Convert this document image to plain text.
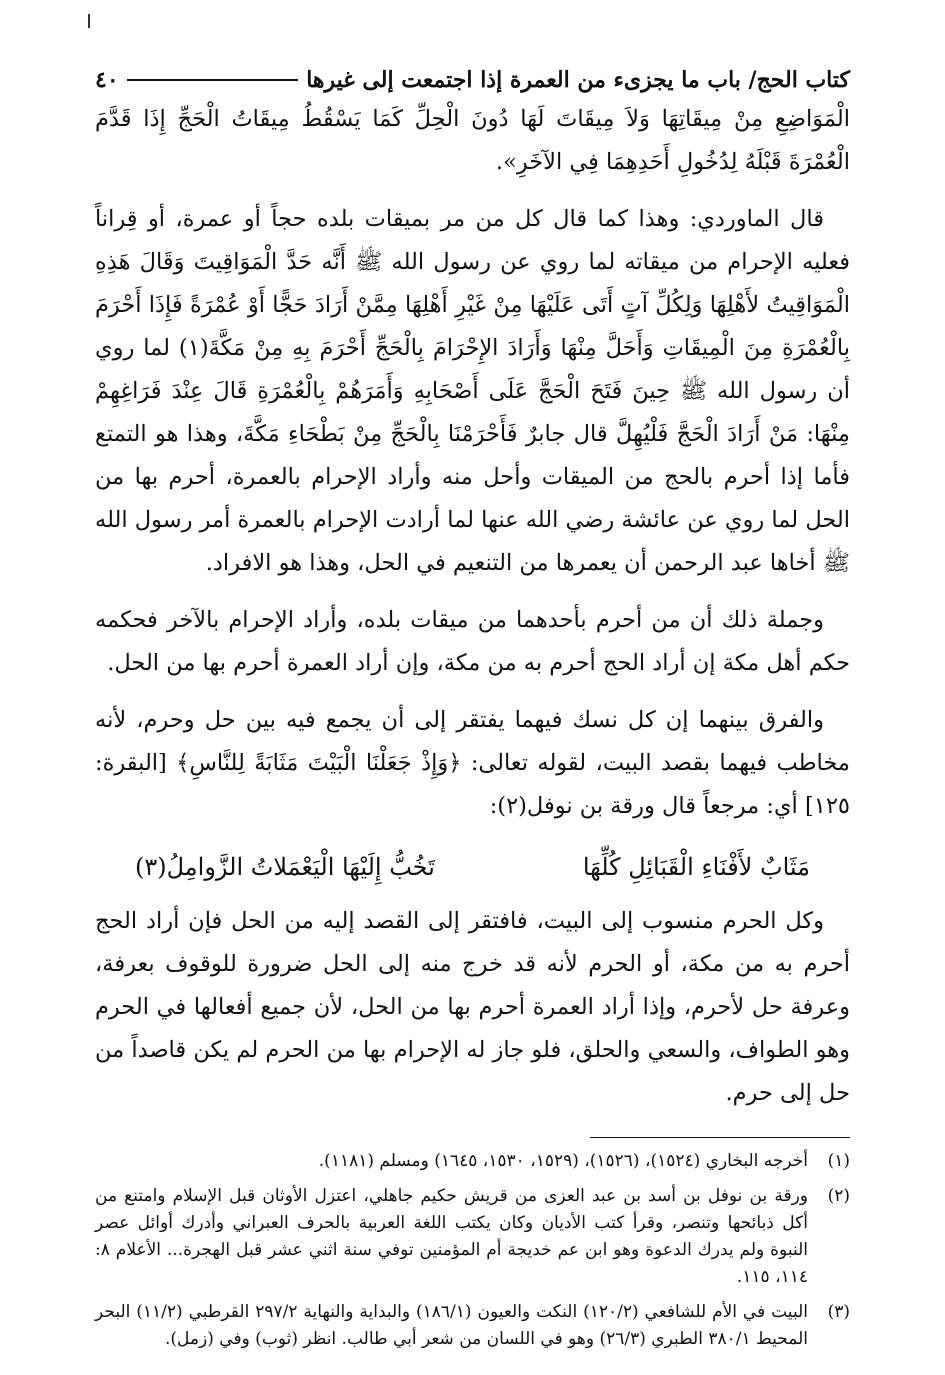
كتاب الحج/ باب ما يجزىء من العمرة إذا اجتمعت إلى غيرها
٤٠

الْمَوَاضِعِ مِنْ مِيقَاتِهَا وَلاَ مِيقَاتَ لَهَا دُونَ الْحِلِّ كَمَا يَسْقُطُ مِيقَاتُ الْحَجِّ إِذَا قَدَّمَ الْعُمْرَةَ قَبْلَهُ لِدُخُولِ أَحَدِهِمَا فِي الآخَرِ».

قال الماوردي: وهذا كما قال كل من مر بميقات بلده حجاً أو عمرة، أو قِراناً فعليه الإحرام من ميقاته لما روي عن رسول الله ﷺ أَنَّه حَدَّ الْمَوَاقِيتَ وَقَالَ هَذِهِ الْمَوَاقِيتُ لأَهْلِهَا وَلِكُلِّ آتٍ أَتَى عَلَيْهَا مِنْ غَيْرِ أَهْلِهَا مِمَّنْ أَرَادَ حَجًّا أَوْ عُمْرَةً فَإِذَا أَحْرَمَ بِالْعُمْرَةِ مِنَ الْمِيقَاتِ وَأَحَلَّ مِنْهَا وَأَرَادَ الإِحْرَامَ بِالْحَجِّ أَحْرَمَ بِهِ مِنْ مَكَّةَ(١) لما روي أن رسول الله ﷺ حِينَ فَتَحَ الْحَجَّ عَلَى أَصْحَابِهِ وَأَمَرَهُمْ بِالْعُمْرَةِ قَالَ عِنْدَ فَرَاغِهِمْ مِنْهَا: مَنْ أَرَادَ الْحَجَّ فَلْيُهِلَّ قال جابرٌ فَأَحْرَمْنَا بِالْحَجِّ مِنْ بَطْحَاءِ مَكَّةَ، وهذا هو التمتع فأما إذا أحرم بالحج من الميقات وأحل منه وأراد الإحرام بالعمرة، أحرم بها من الحل لما روي عن عائشة رضي الله عنها لما أرادت الإحرام بالعمرة أمر رسول الله ﷺ أخاها عبد الرحمن أن يعمرها من التنعيم في الحل، وهذا هو الافراد.

وجملة ذلك أن من أحرم بأحدهما من ميقات بلده، وأراد الإحرام بالآخر فحكمه حكم أهل مكة إن أراد الحج أحرم به من مكة، وإن أراد العمرة أحرم بها من الحل.

والفرق بينهما إن كل نسك فيهما يفتقر إلى أن يجمع فيه بين حل وحرم، لأنه مخاطب فيهما بقصد البيت، لقوله تعالى: ﴿وَإِذْ جَعَلْنَا الْبَيْتَ مَثَابَةً لِلنَّاسِ﴾ [البقرة: ١٢٥] أي: مرجعاً قال ورقة بن نوفل(٢):

مَثَابٌ لأَفْنَاءِ الْقَبَائِلِ كُلِّهَا
تَخُبُّ إِلَيْهَا الْيَعْمَلاتُ الزَّوامِلُ(٣)

وكل الحرم منسوب إلى البيت، فافتقر إلى القصد إليه من الحل فإن أراد الحج أحرم به من مكة، أو الحرم لأنه قد خرج منه إلى الحل ضرورة للوقوف بعرفة، وعرفة حل لأحرم، وإذا أراد العمرة أحرم بها من الحل، لأن جميع أفعالها في الحرم وهو الطواف، والسعي والحلق، فلو جاز له الإحرام بها من الحرم لم يكن قاصداً من حل إلى حرم.

(١)
أخرجه البخاري (١٥٢٤)، (١٥٢٦)، (١٥٢٩، ١٥٣٠، ١٦٤٥) ومسلم (١١٨١).
(٢)
ورقة بن نوفل بن أسد بن عبد العزى من قريش حكيم جاهلي، اعتزل الأوثان قبل الإسلام وامتنع من أكل ذبائحها وتنصر، وقرأ كتب الأديان وكان يكتب اللغة العربية بالحرف العبراني وأدرك أوائل عصر النبوة ولم يدرك الدعوة وهو ابن عم خديجة أم المؤمنين توفي سنة اثني عشر قبل الهجرة... الأعلام ٨: ١١٤، ١١٥.
(٣)
البيت في الأم للشافعي (١٢٠/٢) النكت والعيون (١٨٦/١) والبداية والنهاية ٢٩٧/٢ القرطبي (١١/٢) البحر المحيط ٣٨٠/١ الطبري (٢٦/٣) وهو في اللسان من شعر أبي طالب. انظر (ثوب) وفي (زمل).
